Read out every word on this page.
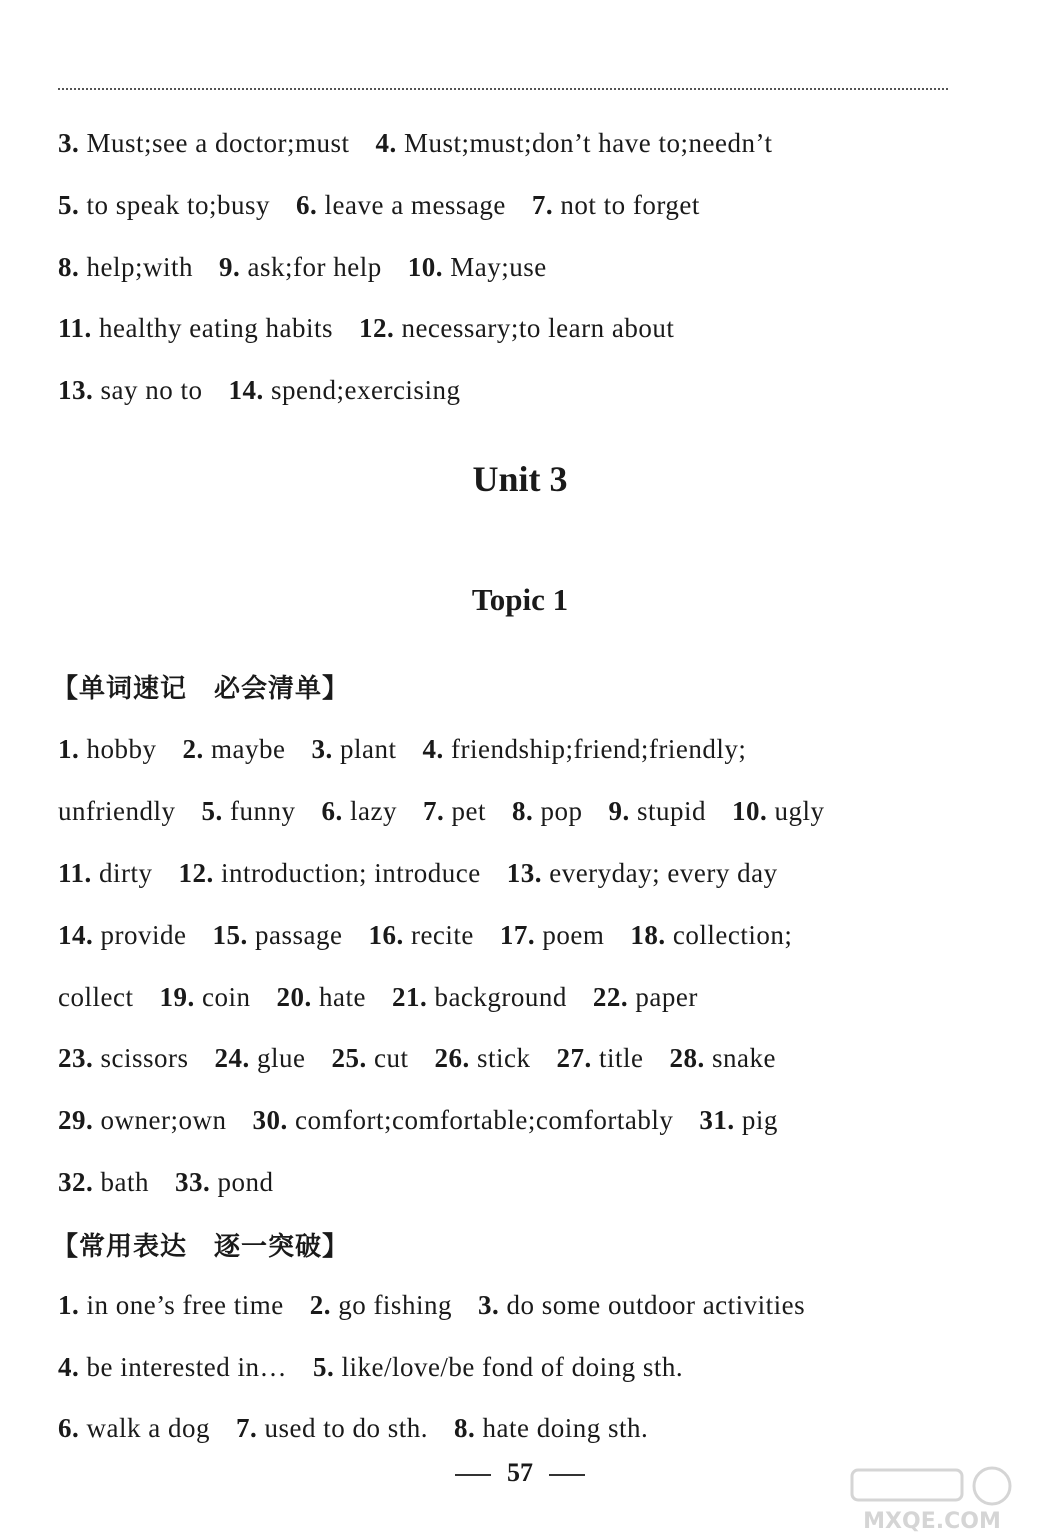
3. Must;see a doctor;must 4. Must;must;don’t have to;needn’t
5. to speak to;busy 6. leave a message 7. not to forget
8. help;with 9. ask;for help 10. May;use
11. healthy eating habits 12. necessary;to learn about
13. say no to 14. spend;exercising
Unit 3
Topic 1
【单词速记　必会清单】
1. hobby 2. maybe 3. plant 4. friendship;friend;friendly;
unfriendly 5. funny 6. lazy 7. pet 8. pop 9. stupid 10. ugly
11. dirty 12. introduction; introduce 13. everyday; every day
14. provide 15. passage 16. recite 17. poem 18. collection;
collect 19. coin 20. hate 21. background 22. paper
23. scissors 24. glue 25. cut 26. stick 27. title 28. snake
29. owner;own 30. comfort;comfortable;comfortably 31. pig
32. bath 33. pond
【常用表达　逐一突破】
1. in one’s free time 2. go fishing 3. do some outdoor activities
4. be interested in… 5. like/love/be fond of doing sth.
6. walk a dog 7. used to do sth. 8. hate doing sth.
57
MXQE.COM
